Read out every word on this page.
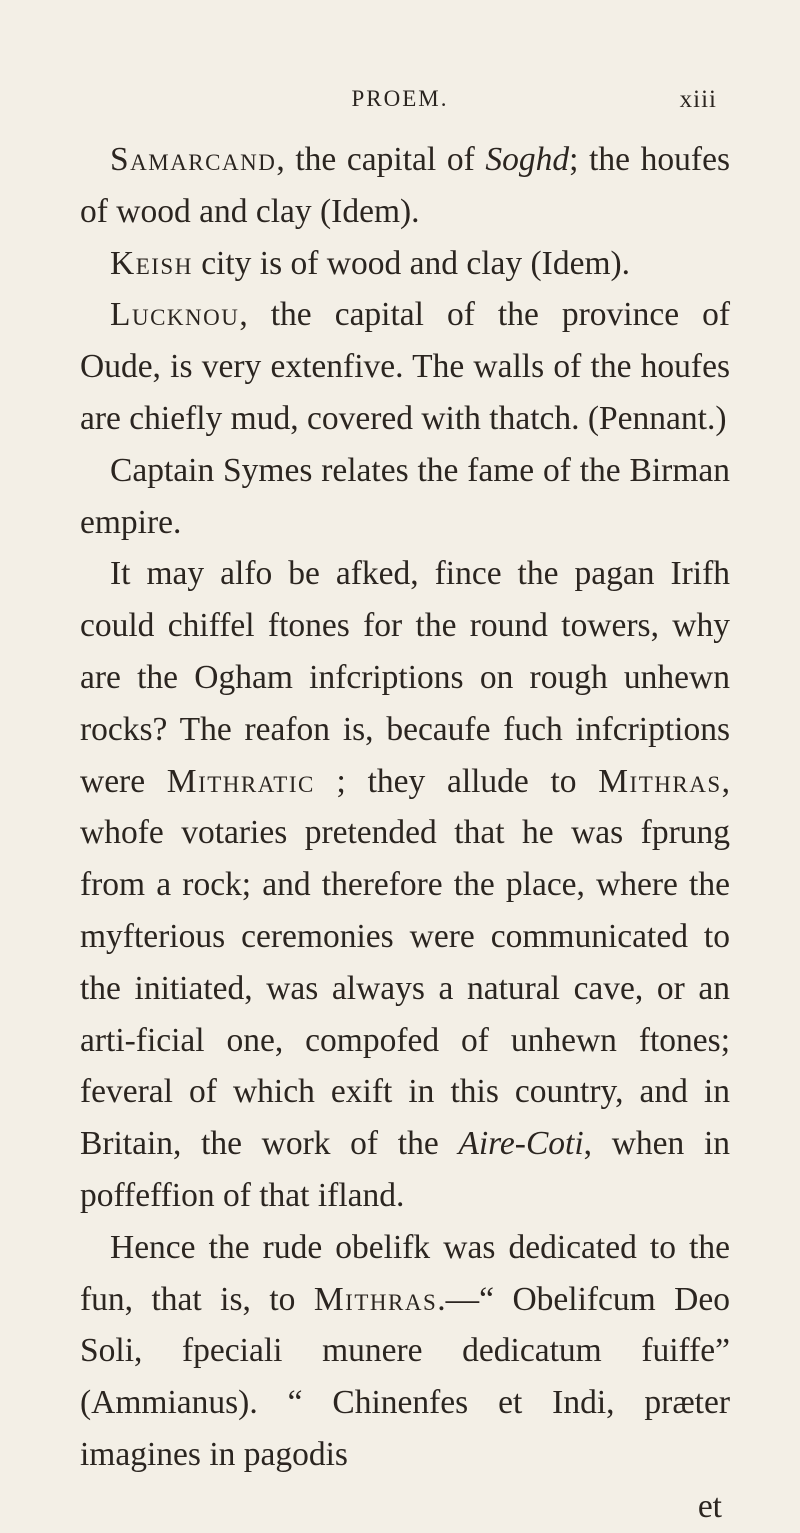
PROEM.	xiii

Samarcand, the capital of Soghd; the houfes of wood and clay (Idem).

Keish city is of wood and clay (Idem).

Lucknou, the capital of the province of Oude, is very extenfive. The walls of the houfes are chiefly mud, covered with thatch. (Pennant.)

Captain Symes relates the fame of the Birman empire.

It may alfo be afked, fince the pagan Irifh could chiffel ftones for the round towers, why are the Ogham infcriptions on rough unhewn rocks? The reafon is, becaufe fuch infcriptions were Mithratic ; they allude to Mithras, whofe votaries pretended that he was fprung from a rock; and therefore the place, where the myfterious ceremonies were communicated to the initiated, was always a natural cave, or an arti-ficial one, compofed of unhewn ftones; feveral of which exift in this country, and in Britain, the work of the Aire-Coti, when in poffeffion of that ifland.

Hence the rude obelifk was dedicated to the fun, that is, to Mithras.—“ Obelifcum Deo Soli, fpeciali munere dedicatum fuiffe” (Ammianus). “ Chinenfes et Indi, præter imagines in pagodis

et
